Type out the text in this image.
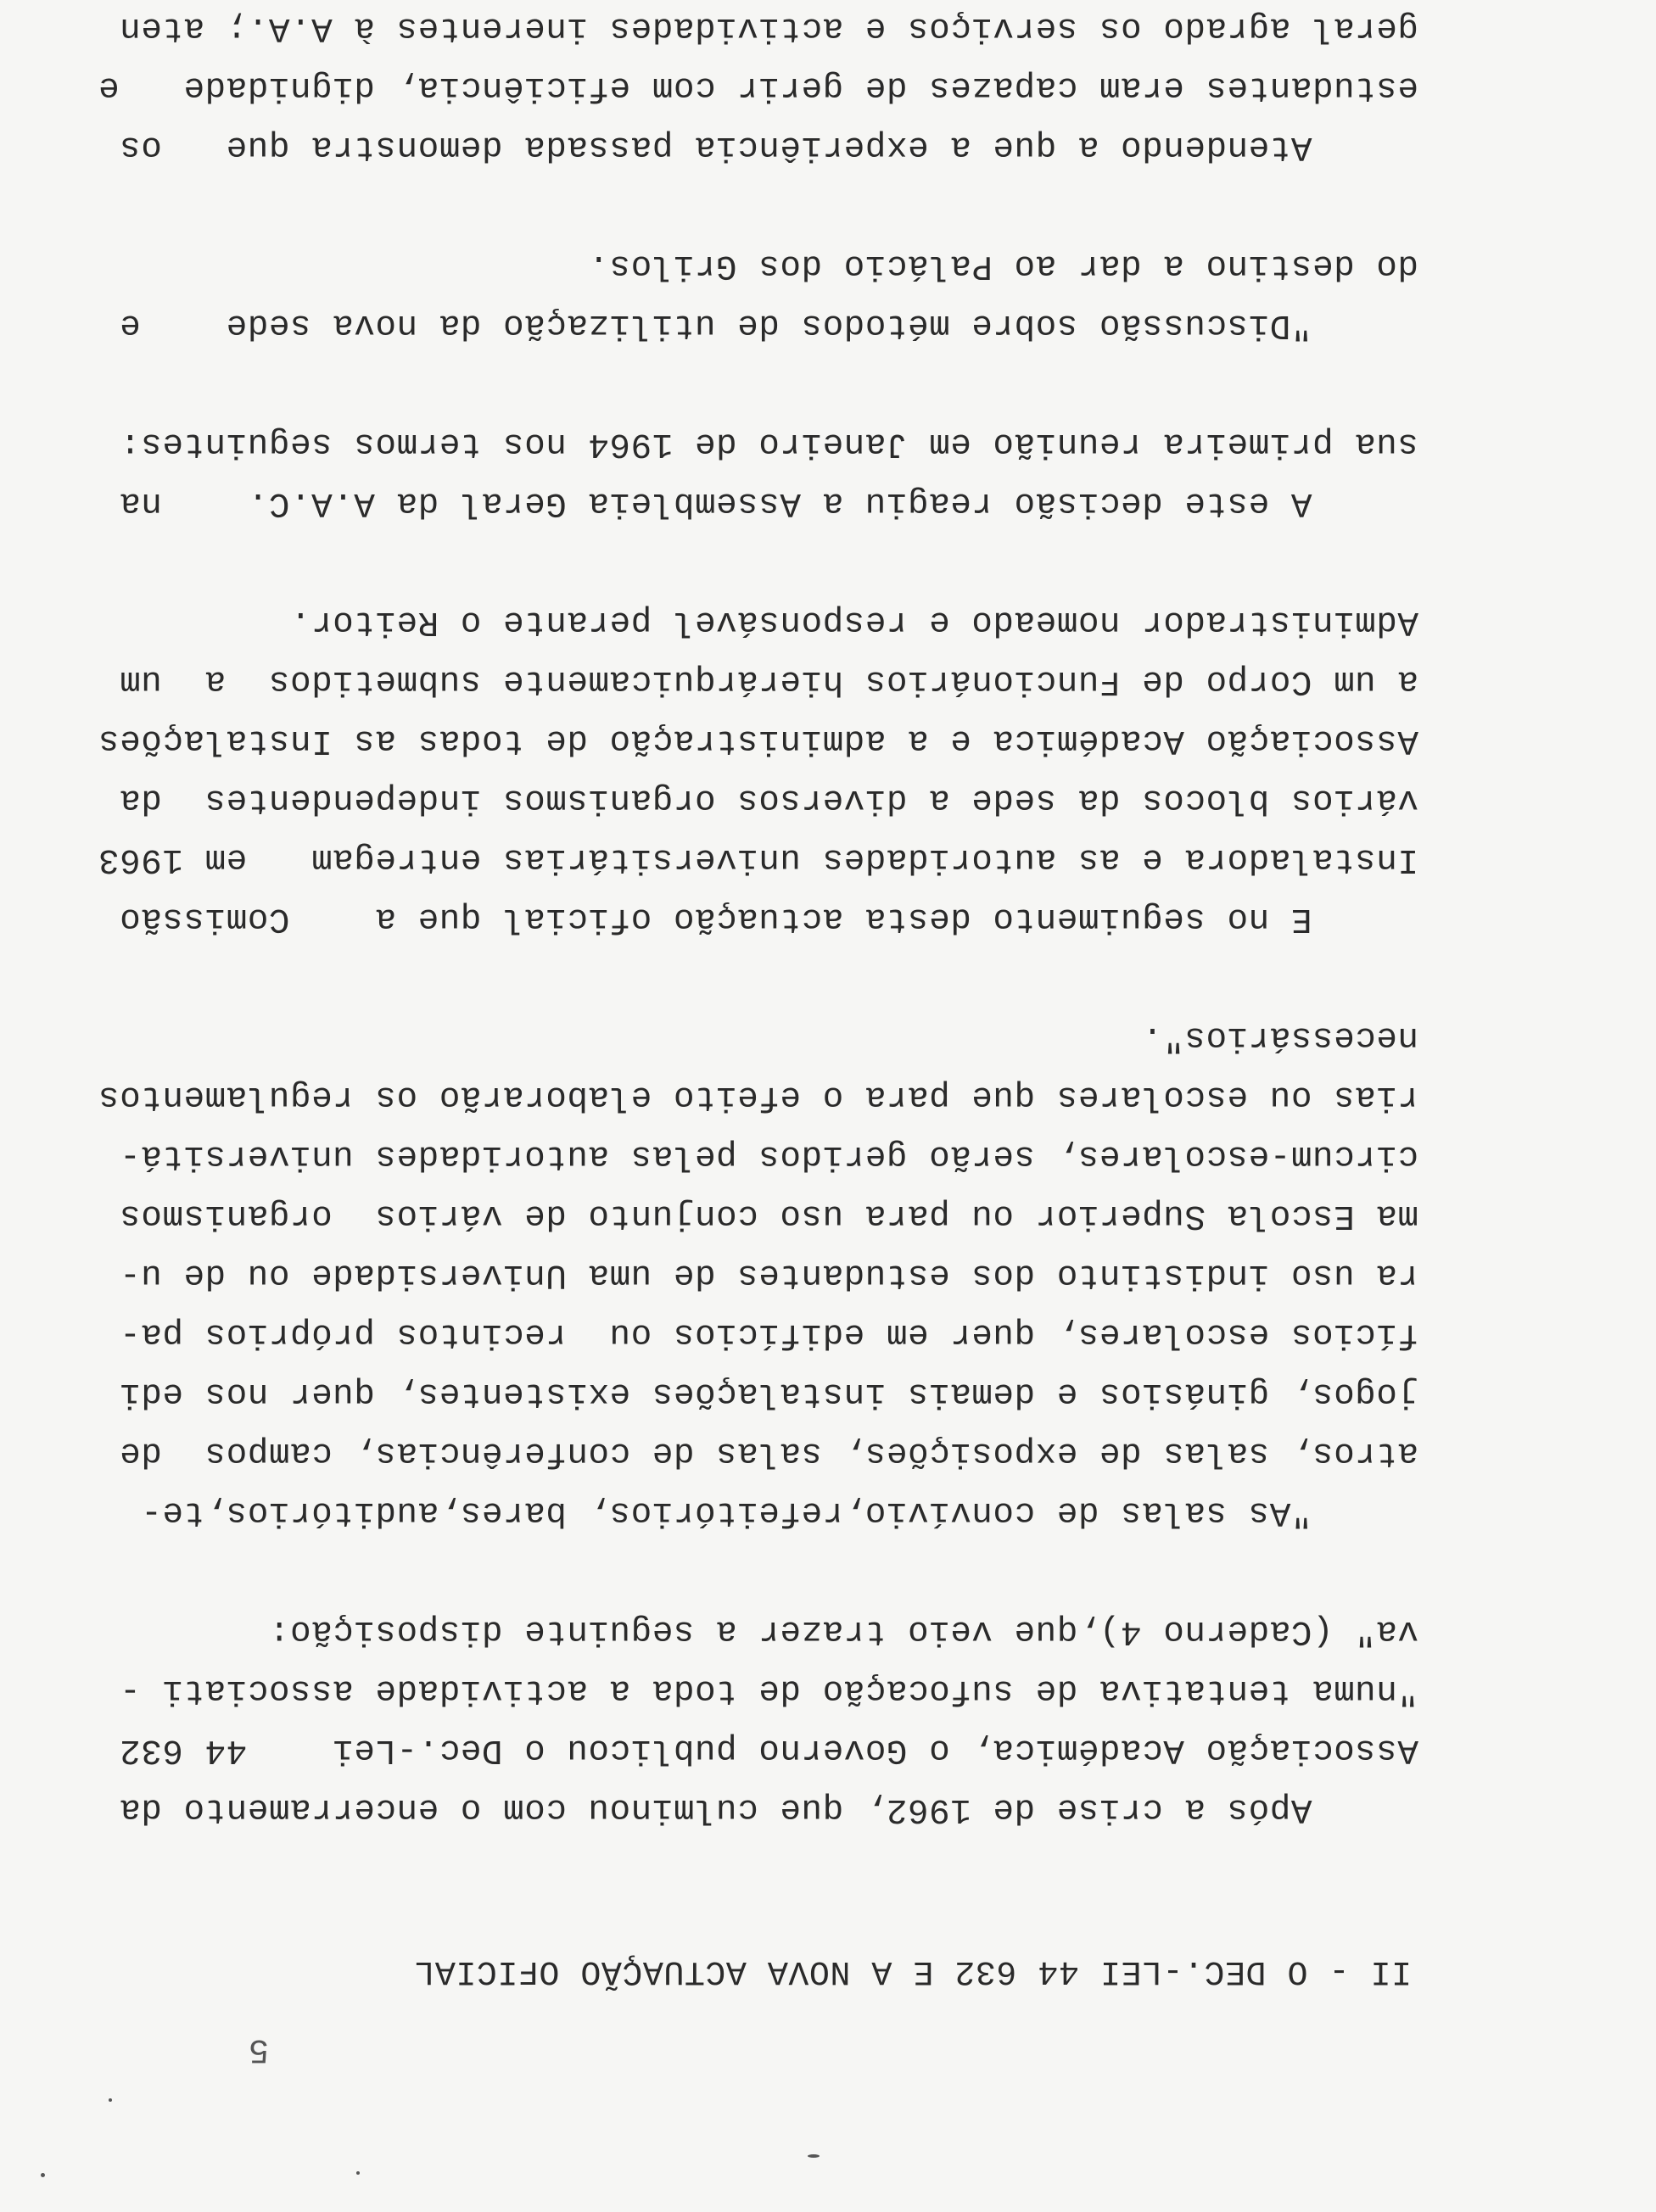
5
II - O DEC.-LEI 44 632 E A NOVA ACTUAÇÃO OFICIAL
Após a crise de 1962, que culminou com o encerramento da
Associação Académica, o Governo publicou o Dec.-Lei    44 632
"numa tentativa de sufocação de toda a actividade associati -
va" (Caderno 4),que veio trazer a seguinte disposição:
"As salas de convívio,refeitórios, bares,auditórios,te-
atros, salas de exposições, salas de conferências, campos  de
jogos, ginásios e demais instalações existentes, quer nos edi
fícios escolares, quer em edifícios ou  recintos próprios pa-
ra uso indistinto dos estudantes de uma Universidade ou de u-
ma Escola Superior ou para uso conjunto de vários  organismos
circum-escolares, serão geridos pelas autoridades universitá-
rias ou escolares que para o efeito elaborarão os regulamentos
necessários".
E no seguimento desta actuação oficial que a    Comissão
Instaladora e as autoridades universitárias entregam   em 1963
vários blocos da sede a diversos organismos independentes  da
Associação Académica e a administração de todas as Instalações
a um Corpo de Funcionários hierárquicamente submetidos  a  um
Administrador nomeado e responsável perante o Reitor.
A este decisão reagiu a Assembleia Geral da A.A.C.    na
sua primeira reunião em Janeiro de 1964 nos termos seguintes:
"Discussão sobre métodos de utilização da nova sede    e
do destino a dar ao Palácio dos Grilos.
Atendendo a que a experiência passada demonstra que   os
estudantes eram capazes de gerir com eficiência, dignidade   e
geral agrado os serviços e actividades inerentes à A.A.; aten
